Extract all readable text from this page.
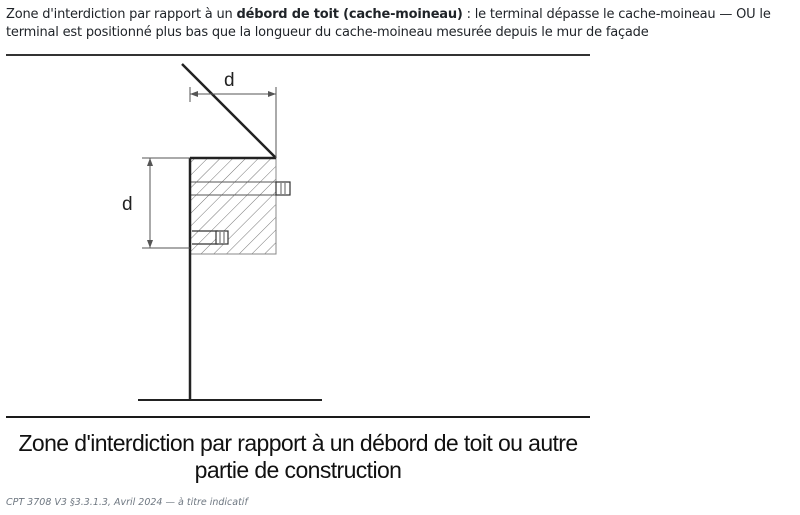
Zone d'interdiction par rapport à un débord de toit (cache-moineau) : le terminal dépasse le cache-moineau — OU le terminal est positionné plus bas que la longueur du cache-moineau mesurée depuis le mur de façade
d
d
Zone d'interdiction par rapport à un débord de toit ou autre
partie de construction
CPT 3708 V3 §3.3.1.3, Avril 2024 — à titre indicatif
